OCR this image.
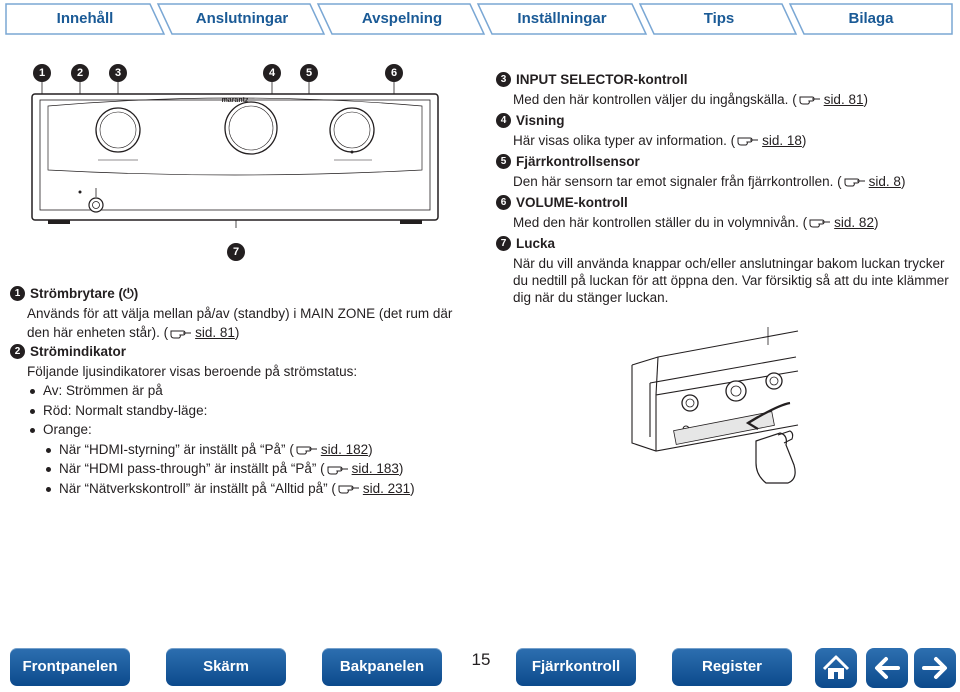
Innehåll	Anslutningar	Avspelning	Inställningar	Tips	Bilaga
1	2	3	4	5	6
7
marantz
1 Strömbrytare ( ⏻ )
Används för att välja mellan på/av (standby) i MAIN ZONE (det rum där den här enheten står). ( sid. 81 )
2 Strömindikator
Följande ljusindikatorer visas beroende på strömstatus:
Av: Strömmen är på
Röd: Normalt standby-läge:
Orange:
När “HDMI-styrning” är inställt på “På” ( sid. 182 )
När “HDMI pass-through” är inställt på “På” ( sid. 183 )
När “Nätverkskontroll” är inställt på “Alltid på” ( sid. 231 )
3 INPUT SELECTOR-kontroll
Med den här kontrollen väljer du ingångskälla. ( sid. 81 )
4 Visning
Här visas olika typer av information. ( sid. 18 )
5 Fjärrkontrollsensor
Den här sensorn tar emot signaler från fjärrkontrollen. ( sid. 8 )
6 VOLUME-kontroll
Med den här kontrollen ställer du in volymnivån. ( sid. 82 )
7 Lucka
När du vill använda knappar och/eller anslutningar bakom luckan trycker du nedtill på luckan för att öppna den. Var försiktig så att du inte klämmer dig när du stänger luckan.
Frontpanelen	Skärm	Bakpanelen	15	Fjärrkontroll	Register
